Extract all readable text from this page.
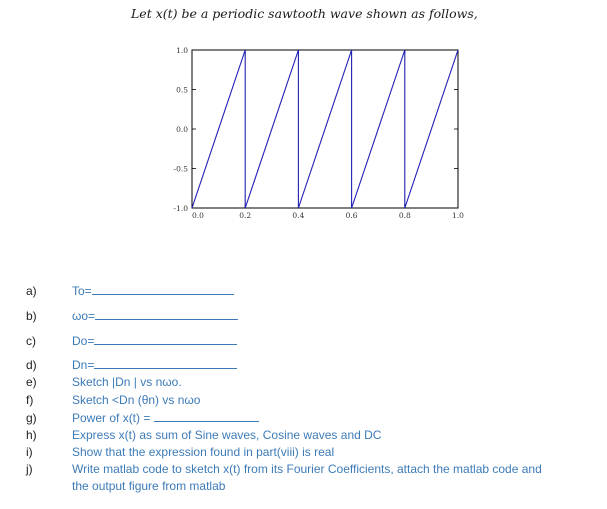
Let x(t) be a periodic sawtooth wave shown as follows,
0.0	0.2	0.4	0.6	0.8	1.0
1.0
0.5
0.0
-0.5
-1.0
a)	To=
b)	ωo=
c)	Do=
d)	Dn=
e)	Sketch |Dn | vs nωo.
f)	Sketch <Dn (θn) vs nωo
g)	Power of x(t) =
h)	Express x(t) as sum of Sine waves, Cosine waves and DC
i)	Show that the expression found in part(viii) is real
j)	Write matlab code to sketch x(t) from its Fourier Coefficients, attach the matlab code and
the output figure from matlab
